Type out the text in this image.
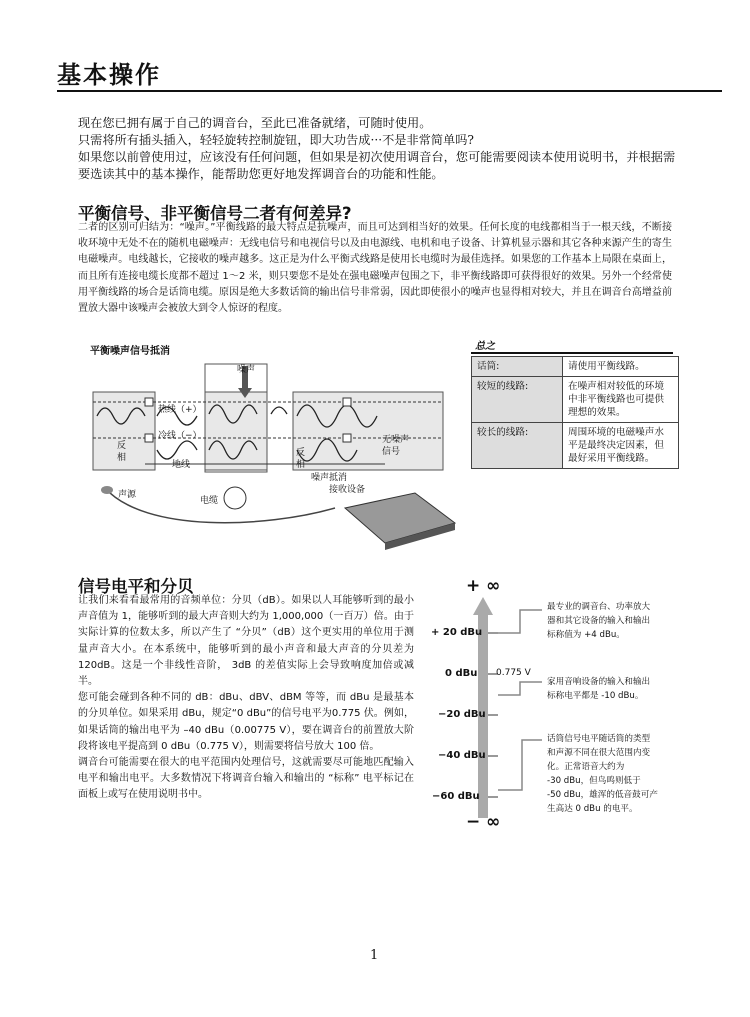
基本操作

现在您已拥有属于自己的调音台，至此已准备就绪，可随时使用。

只需将所有插头插入，轻轻旋转控制旋钮，即大功告成···不是非常简单吗?

如果您以前曾使用过，应该没有任何问题，但如果是初次使用调音台，您可能需要阅读本使用说明书，并根据需要选读其中的基本操作，能帮助您更好地发挥调音台的功能和性能。

平衡信号、非平衡信号二者有何差异?
二者的区别可归结为：“噪声。”平衡线路的最大特点是抗噪声，而且可达到相当好的效果。任何长度的电线都相当于一根天线，不断接收环境中无处不在的随机电磁噪声：无线电信号和电视信号以及由电源线、电机和电子设备、计算机显示器和其它各种来源产生的寄生电磁噪声。电线越长，它接收的噪声越多。这正是为什么平衡式线路是使用长电缆时为最佳选择。如果您的工作基本上局限在桌面上，而且所有连接电缆长度都不超过 1～2 米，则只要您不是处在强电磁噪声包围之下，非平衡线路即可获得很好的效果。另外一个经常使用平衡线路的场合是话筒电缆。原因是绝大多数话筒的输出信号非常弱，因此即使很小的噪声也显得相对较大，并且在调音台高增益前置放大器中该噪声会被放大到令人惊讶的程度。
平衡噪声信号抵消
噪声
热线（+）
冷线（−）
地线
反
相	反
相
无噪声
信号
噪声抵消
接收设备
声源
电缆
总之
话筒:	请使用平衡线路。
较短的线路:	在噪声相对较低的环境中非平衡线路也可提供理想的效果。
较长的线路:	周围环境的电磁噪声水平是最终决定因素，但最好采用平衡线路。
信号电平和分贝
让我们来看看最常用的音频单位：分贝（dB）。如果以人耳能够听到的最小声音值为 1，能够听到的最大声音则大约为 1,000,000（一百万）倍。由于实际计算的位数太多，所以产生了 “分贝”（dB）这个更实用的单位用于测量声音大小。在本系统中，能够听到的最小声音和最大声音的分贝差为 120dB。这是一个非线性音阶， 3dB 的差值实际上会导致响度加倍或减半。
您可能会碰到各种不同的 dB：dBu、dBV、dBM 等等，而 dBu 是最基本的分贝单位。如果采用 dBu，规定“0 dBu”的信号电平为0.775 伏。例如，如果话筒的输出电平为 –40 dBu（0.00775 V），要在调音台的前置放大阶段将该电平提高到 0 dBu（0.775 V），则需要将信号放大 100 倍。
调音台可能需要在很大的电平范围内处理信号，这就需要尽可能地匹配输入电平和输出电平。大多数情况下将调音台输入和输出的 “标称” 电平标记在面板上或写在使用说明书中。
+ ∞
− ∞
+ 20 dBu
0 dBu
−20 dBu
−40 dBu
−60 dBu
0.775 V
最专业的调音台、功率放大
器和其它设备的输入和输出
标称值为 +4 dBu。
家用音响设备的输入和输出
标称电平都是 -10 dBu。
话筒信号电平随话筒的类型
和声源不同在很大范围内变
化。正常语音大约为
-30 dBu，但鸟鸣则低于
-50 dBu，雄浑的低音鼓可产
生高达 0 dBu 的电平。
1
